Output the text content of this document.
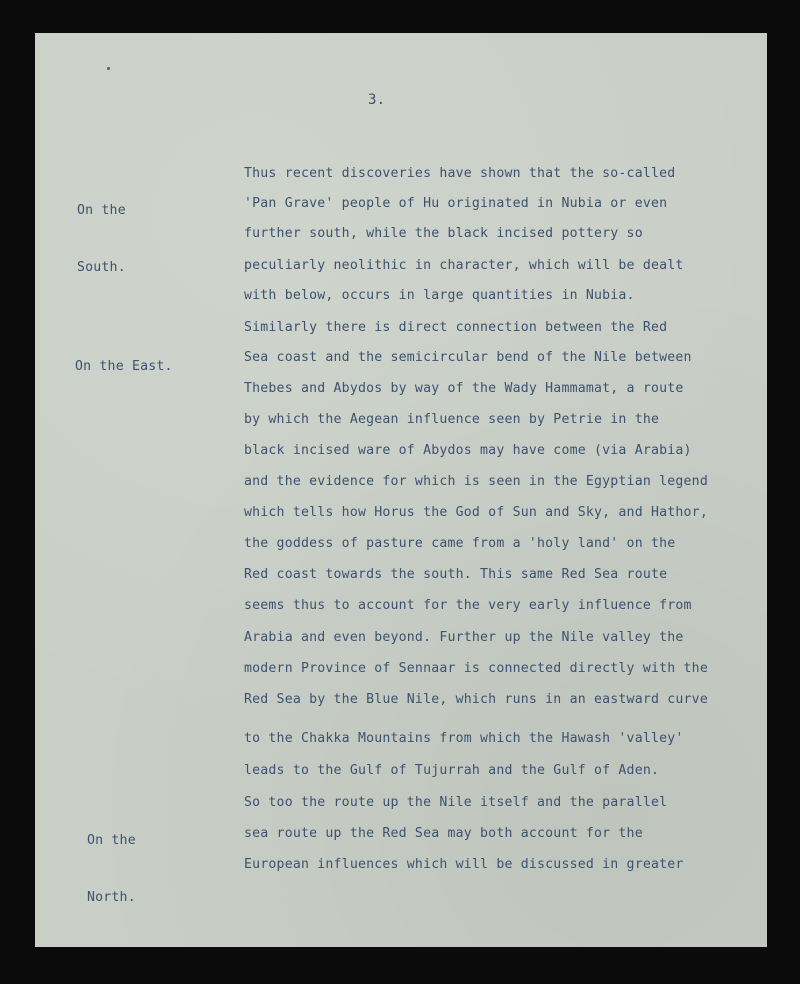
3.

On the

South.

On the East.

On the

North.

Thus recent discoveries have shown that the so-called
'Pan Grave' people of Hu originated in Nubia or even
further south, while the black incised pottery so
peculiarly neolithic in character, which will be dealt
with below, occurs in large quantities in Nubia.
Similarly there is direct connection between the Red
Sea coast and the semicircular bend of the Nile between
Thebes and Abydos by way of the Wady Hammamat, a route
by which the Aegean influence seen by Petrie in the
black incised ware of Abydos may have come (via Arabia)
and the evidence for which is seen in the Egyptian legend
which tells how Horus the God of Sun and Sky, and Hathor,
the goddess of pasture came from a 'holy land' on the
Red coast towards the south. This same Red Sea route
seems thus to account for the very early influence from
Arabia and even beyond. Further up the Nile valley the
modern Province of Sennaar is connected directly with the
Red Sea by the Blue Nile, which runs in an eastward curve
to the Chakka Mountains from which the Hawash 'valley'
leads to the Gulf of Tujurrah and the Gulf of Aden.
So too the route up the Nile itself and the parallel
sea route up the Red Sea may both account for the
European influences which will be discussed in greater
